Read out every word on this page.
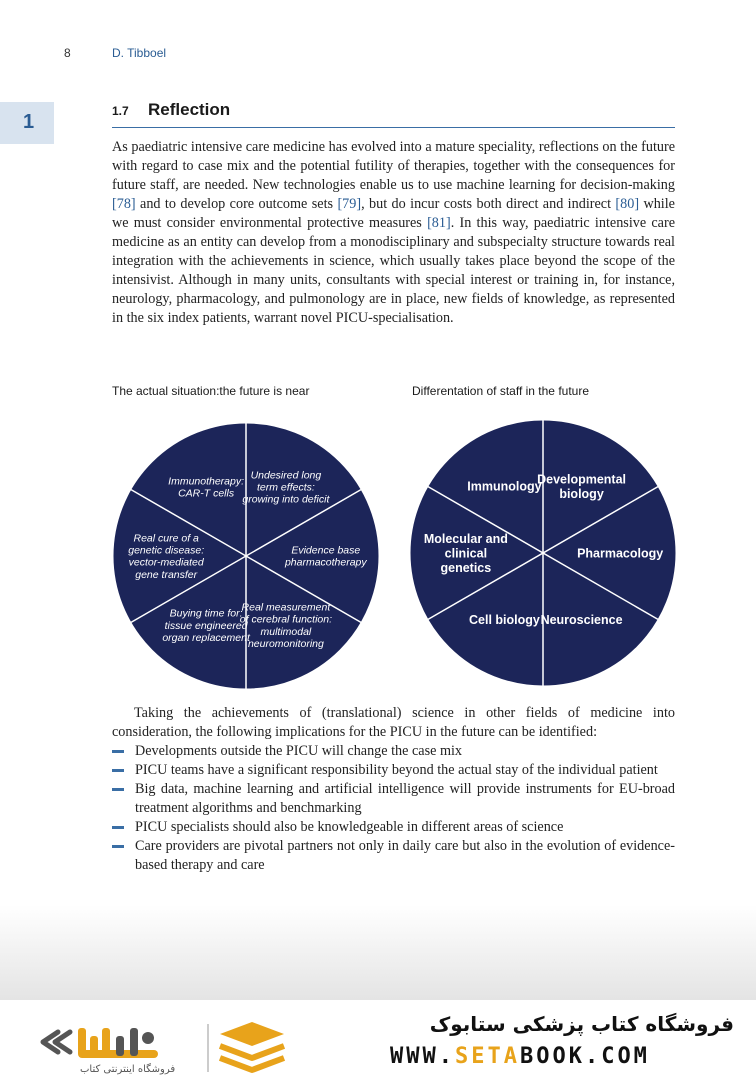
8	D. Tibboel
1	1.7 Reflection

As paediatric intensive care medicine has evolved into a mature speciality, reflections on the future with regard to case mix and the potential futility of therapies, together with the consequences for future staff, are needed. New technologies enable us to use machine learning for decision-making [78] and to develop core outcome sets [79], but do incur costs both direct and indirect [80] while we must consider environmental protective measures [81]. In this way, paediatric intensive care medicine as an entity can develop from a monodisciplinary and subspecialty structure towards real integration with the achievements in science, which usually takes place beyond the scope of the intensivist. Although in many units, consultants with special interest or training in, for instance, neurology, pharmacology, and pulmonology are in place, new fields of knowledge, as represented in the six index patients, warrant novel PICU-specialisation.

The actual situation:the future is near	Differentation of staff in the future
Undesired long term effects: growing into deficit
Evidence base pharmacotherapy
Real measurement of cerebral function: multimodal neuromonitoring
Buying time for: tissue engineered organ replacement
Real cure of a genetic disease: vector-mediated gene transfer
Immunotherapy: CAR-T cells
Developmental biology
Pharmacology
Neuroscience
Cell biology
Molecular and clinical genetics
Immunology

Taking the achievements of (translational) science in other fields of medicine into consideration, the following implications for the PICU in the future can be identified:

Developments outside the PICU will change the case mix
PICU teams have a significant responsibility beyond the actual stay of the individual patient
Big data, machine learning and artificial intelligence will provide instruments for EU-broad treatment algorithms and benchmarking
PICU specialists should also be knowledgeable in different areas of science
Care providers are pivotal partners not only in daily care but also in the evolution of evidence-based therapy and care
فروشگاه اینترنتی کتاب
فروشگاه کتاب پزشکی ستابوک
WWW.SETABOOK.COM
